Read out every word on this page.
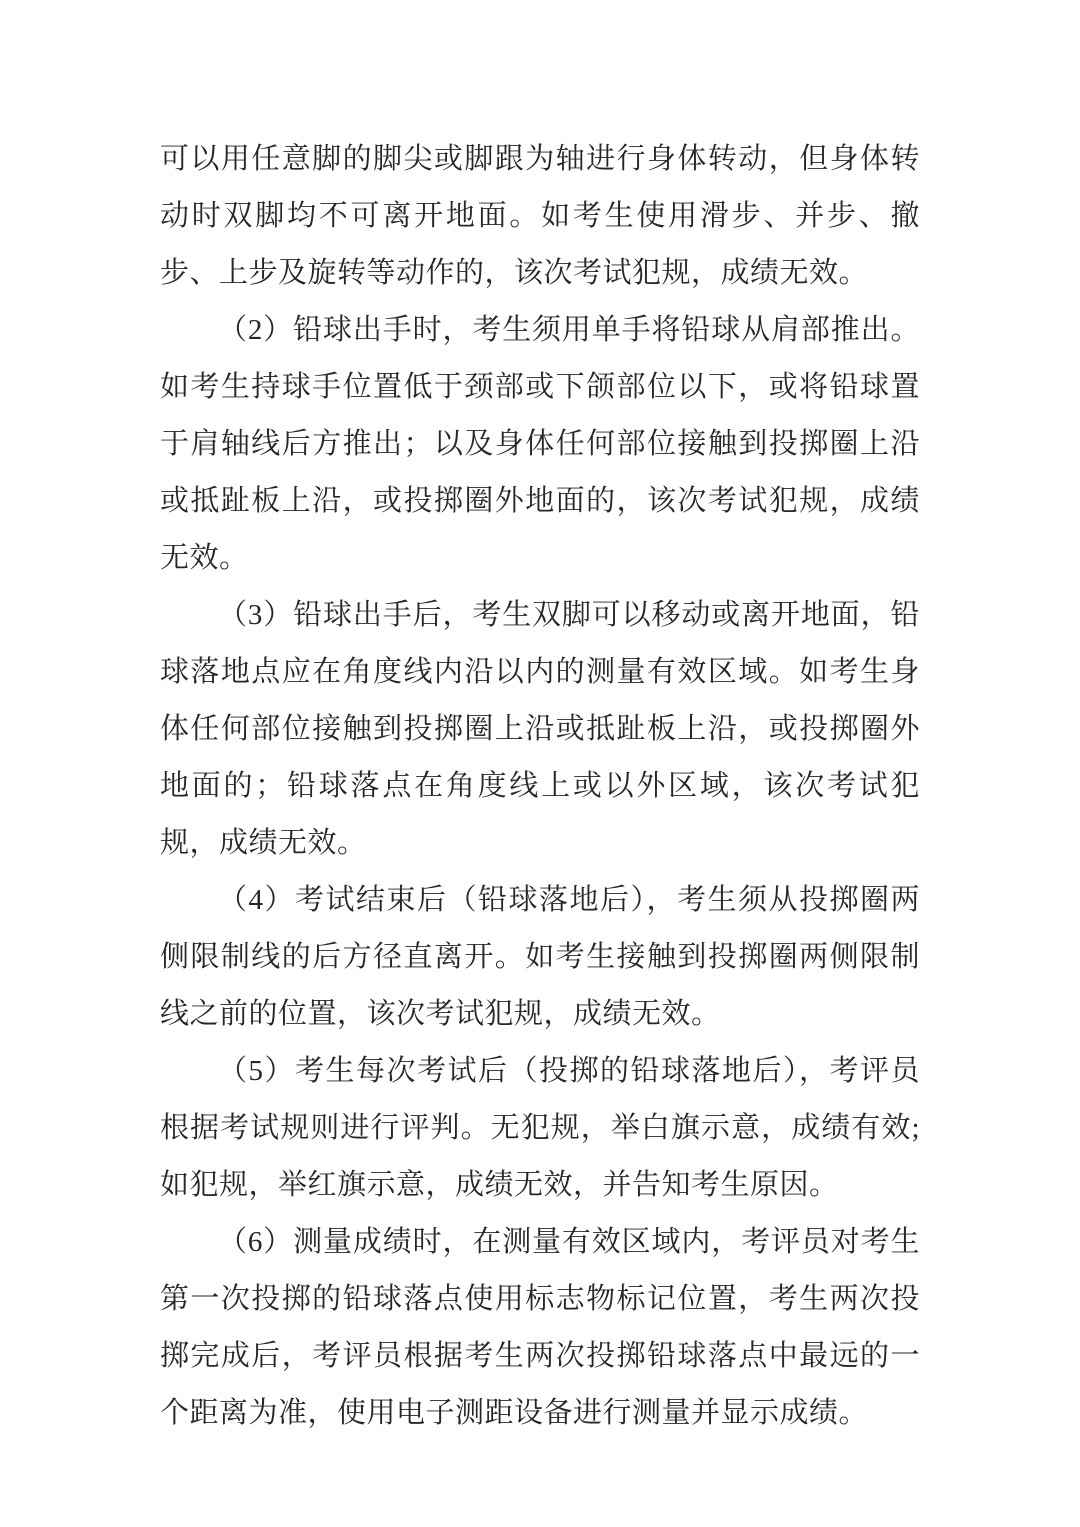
可以用任意脚的脚尖或脚跟为轴进行身体转动，但身体转动时双脚均不可离开地面。如考生使用滑步、并步、撤步、上步及旋转等动作的，该次考试犯规，成绩无效。

（2）铅球出手时，考生须用单手将铅球从肩部推出。如考生持球手位置低于颈部或下颌部位以下，或将铅球置于肩轴线后方推出；以及身体任何部位接触到投掷圈上沿或抵趾板上沿，或投掷圈外地面的，该次考试犯规，成绩无效。

（3）铅球出手后，考生双脚可以移动或离开地面，铅球落地点应在角度线内沿以内的测量有效区域。如考生身体任何部位接触到投掷圈上沿或抵趾板上沿，或投掷圈外地面的；铅球落点在角度线上或以外区域，该次考试犯规，成绩无效。

（4）考试结束后（铅球落地后），考生须从投掷圈两侧限制线的后方径直离开。如考生接触到投掷圈两侧限制线之前的位置，该次考试犯规，成绩无效。

（5）考生每次考试后（投掷的铅球落地后），考评员根据考试规则进行评判。无犯规，举白旗示意，成绩有效;如犯规，举红旗示意，成绩无效，并告知考生原因。

（6）测量成绩时，在测量有效区域内，考评员对考生第一次投掷的铅球落点使用标志物标记位置，考生两次投掷完成后，考评员根据考生两次投掷铅球落点中最远的一个距离为准，使用电子测距设备进行测量并显示成绩。
